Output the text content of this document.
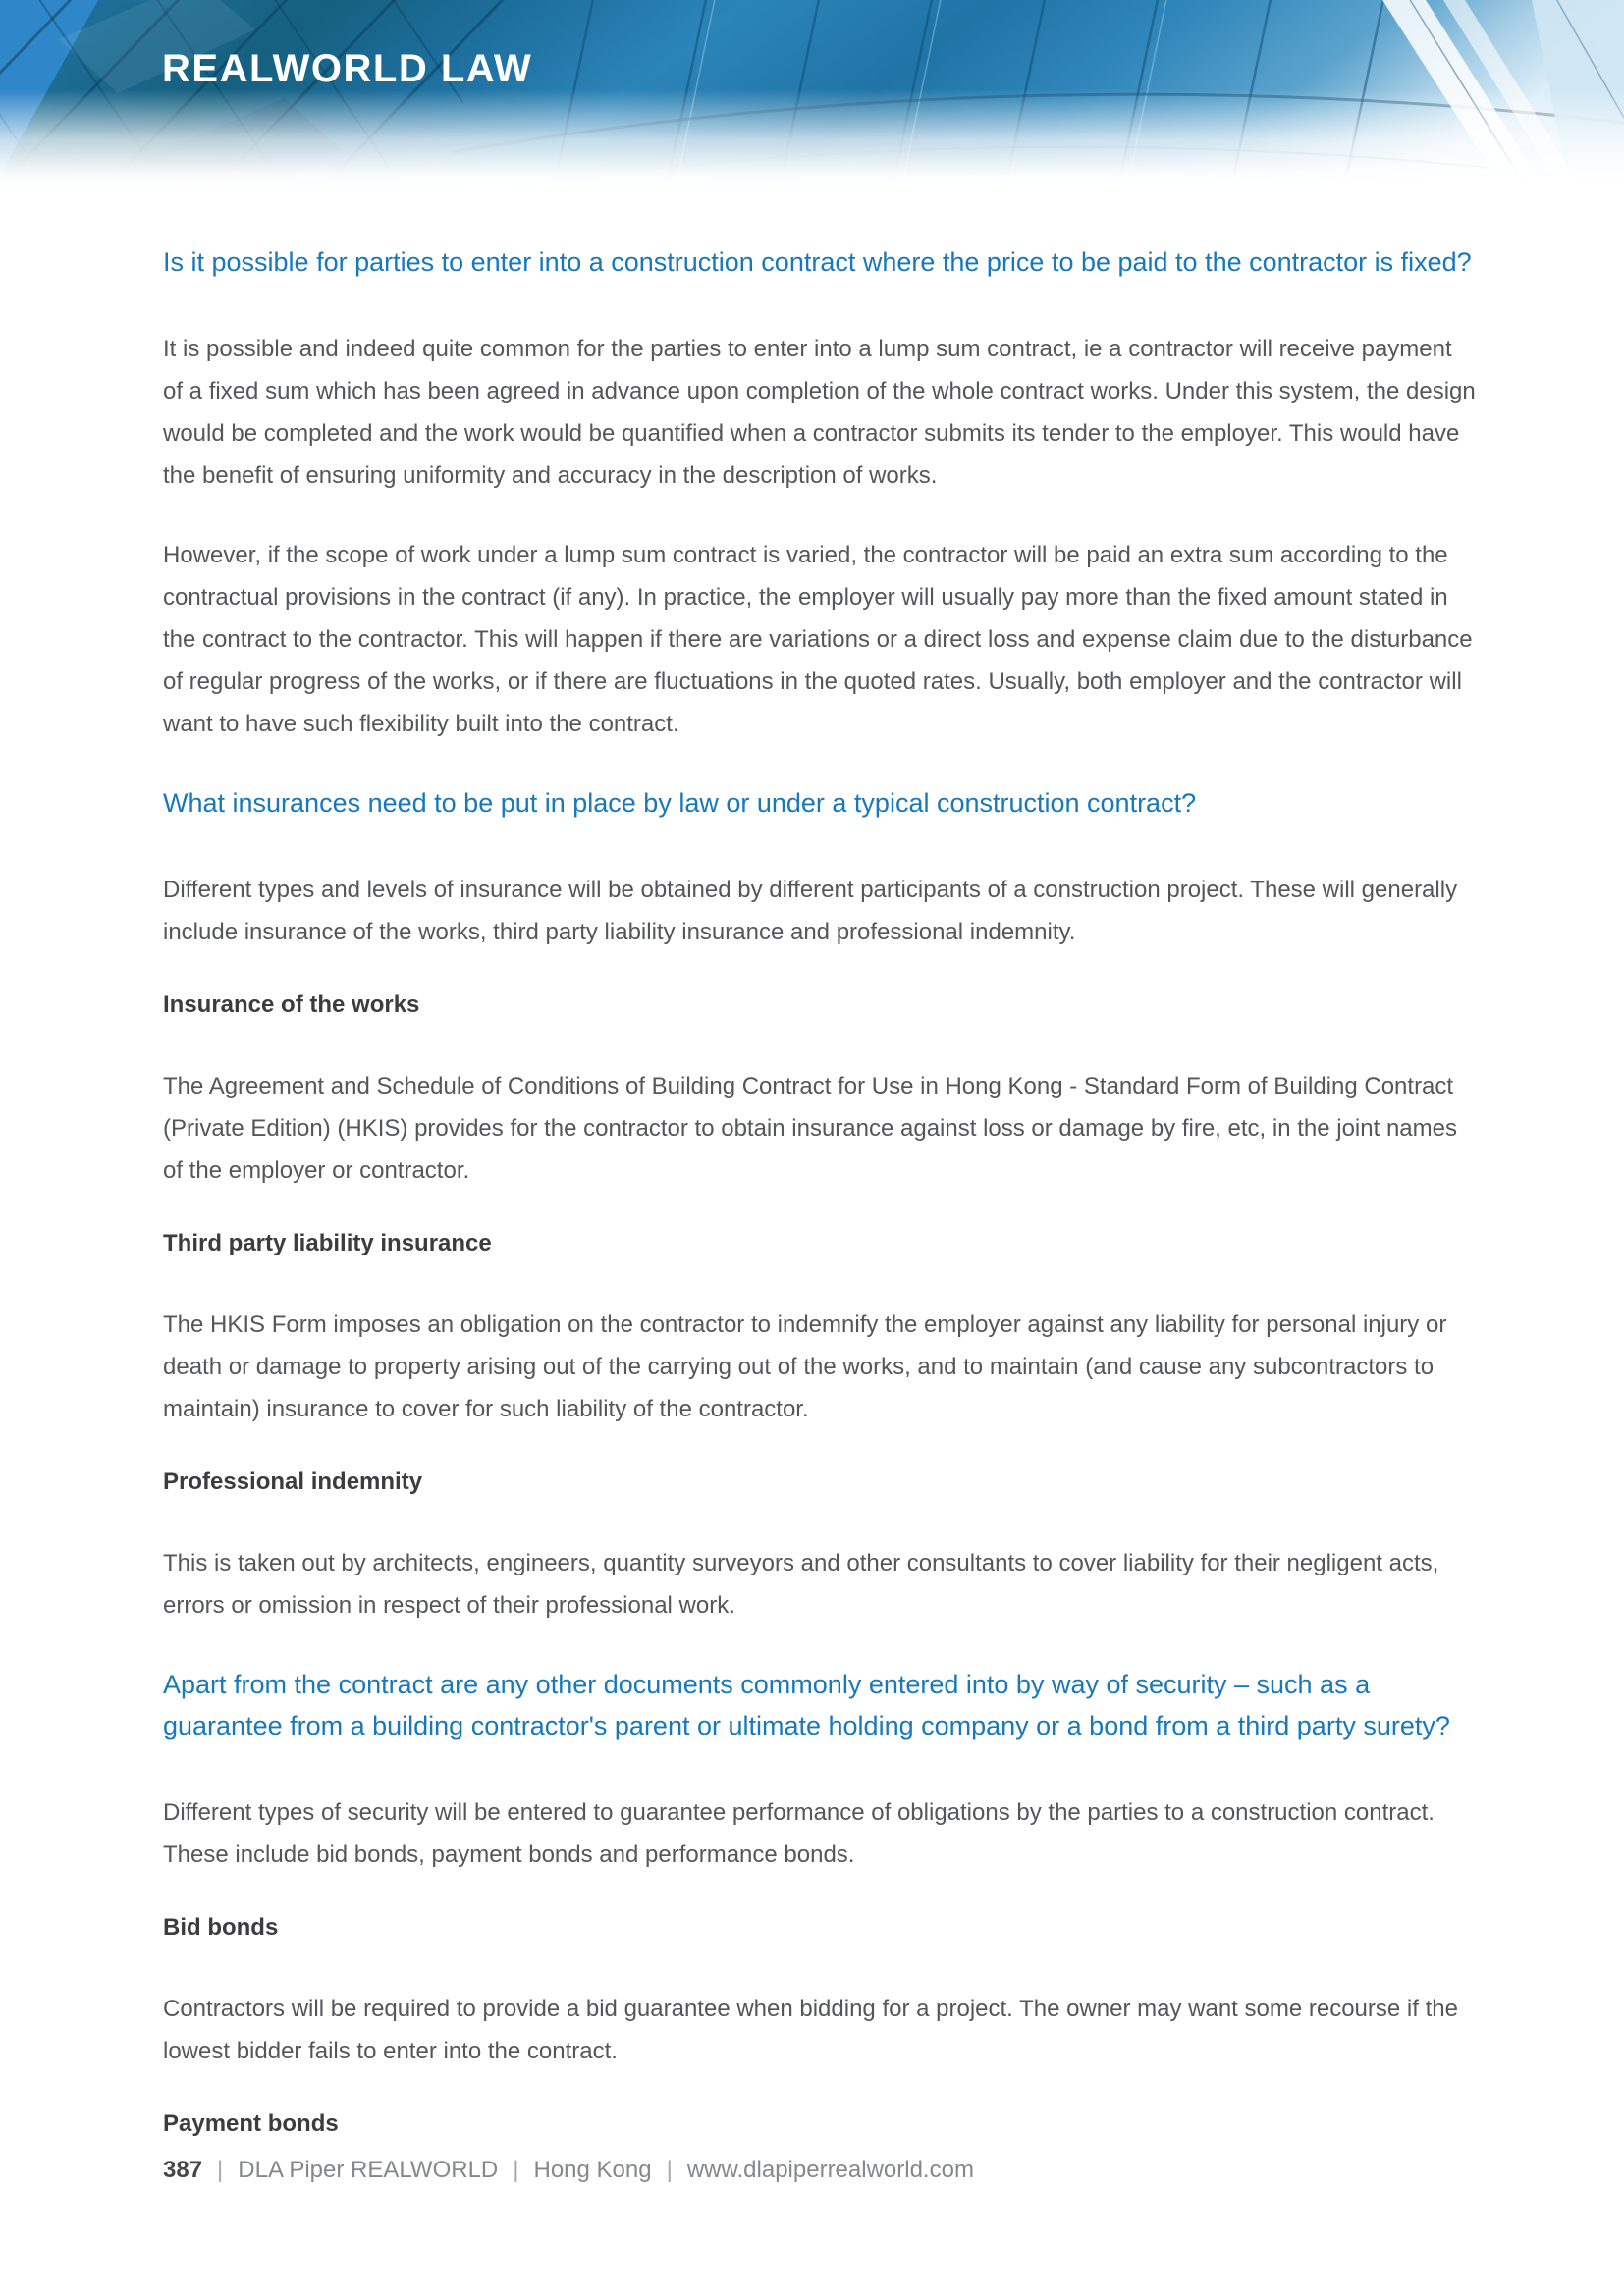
REALWORLD LAW
Is it possible for parties to enter into a construction contract where the price to be paid to the contractor is fixed?
It is possible and indeed quite common for the parties to enter into a lump sum contract, ie a contractor will receive payment of a fixed sum which has been agreed in advance upon completion of the whole contract works. Under this system, the design would be completed and the work would be quantified when a contractor submits its tender to the employer. This would have the benefit of ensuring uniformity and accuracy in the description of works.
However, if the scope of work under a lump sum contract is varied, the contractor will be paid an extra sum according to the contractual provisions in the contract (if any). In practice, the employer will usually pay more than the fixed amount stated in the contract to the contractor. This will happen if there are variations or a direct loss and expense claim due to the disturbance of regular progress of the works, or if there are fluctuations in the quoted rates. Usually, both employer and the contractor will want to have such flexibility built into the contract.
What insurances need to be put in place by law or under a typical construction contract?
Different types and levels of insurance will be obtained by different participants of a construction project. These will generally include insurance of the works, third party liability insurance and professional indemnity.
Insurance of the works
The Agreement and Schedule of Conditions of Building Contract for Use in Hong Kong - Standard Form of Building Contract (Private Edition) (HKIS) provides for the contractor to obtain insurance against loss or damage by fire, etc, in the joint names of the employer or contractor.
Third party liability insurance
The HKIS Form imposes an obligation on the contractor to indemnify the employer against any liability for personal injury or death or damage to property arising out of the carrying out of the works, and to maintain (and cause any subcontractors to maintain) insurance to cover for such liability of the contractor.
Professional indemnity
This is taken out by architects, engineers, quantity surveyors and other consultants to cover liability for their negligent acts, errors or omission in respect of their professional work.
Apart from the contract are any other documents commonly entered into by way of security – such as a guarantee from a building contractor's parent or ultimate holding company or a bond from a third party surety?
Different types of security will be entered to guarantee performance of obligations by the parties to a construction contract. These include bid bonds, payment bonds and performance bonds.
Bid bonds
Contractors will be required to provide a bid guarantee when bidding for a project. The owner may want some recourse if the lowest bidder fails to enter into the contract.
Payment bonds
387 | DLA Piper REALWORLD | Hong Kong | www.dlapiperrealworld.com
